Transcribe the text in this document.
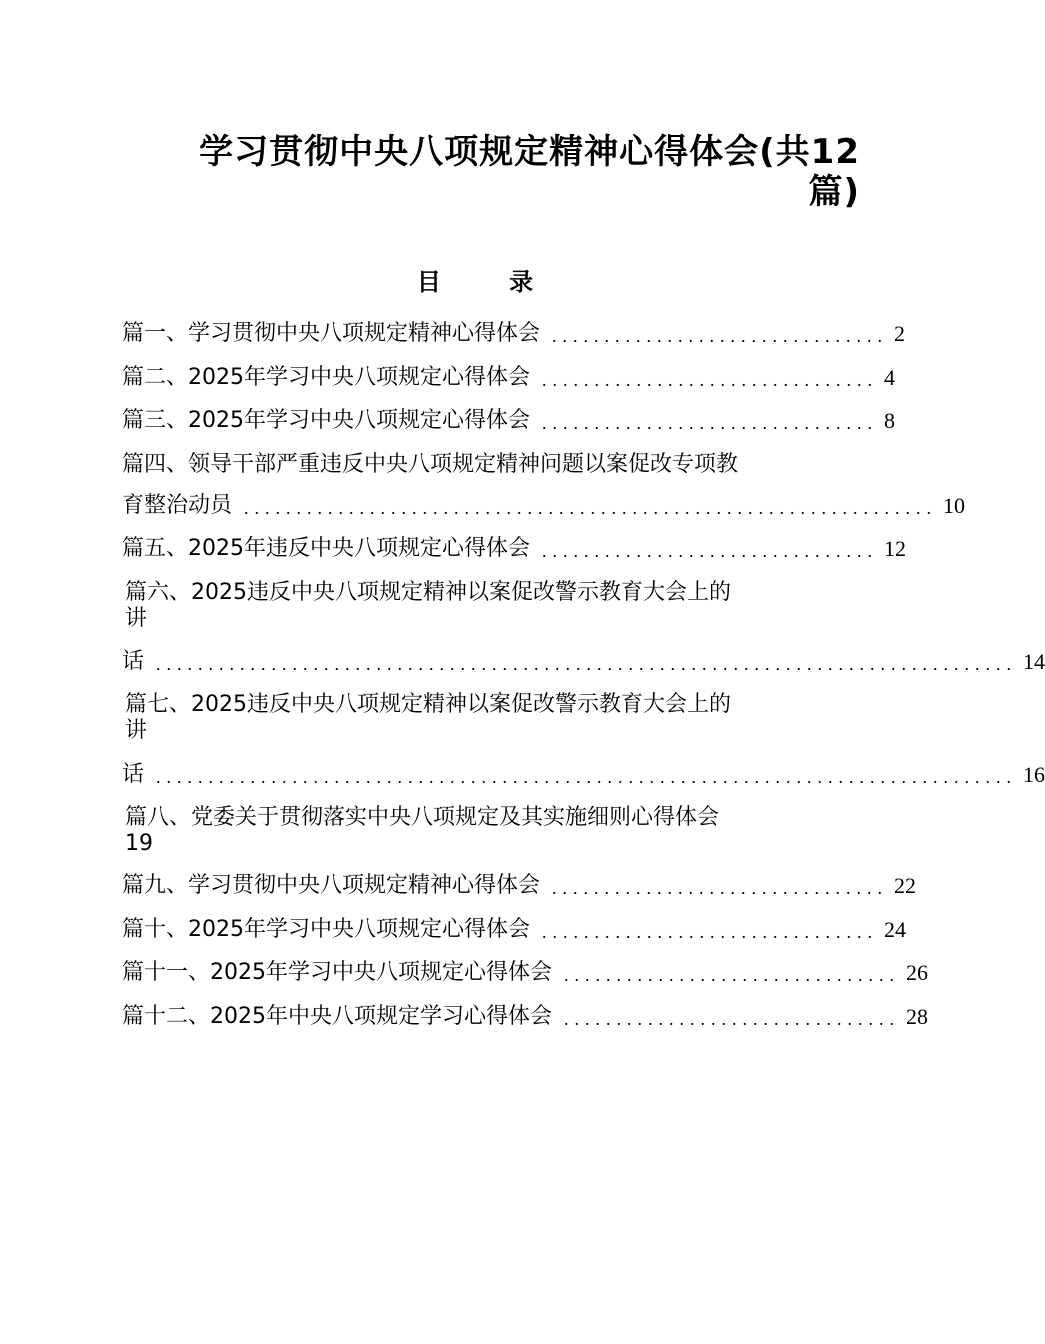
学习贯彻中央八项规定精神心得体会(共12
篇)
目 录
篇一、学习贯彻中央八项规定精神心得体会 ................................ 2
篇二、2025年学习中央八项规定心得体会 ................................ 4
篇三、2025年学习中央八项规定心得体会 ................................ 8
篇四、领导干部严重违反中央八项规定精神问题以案促改专项教
育整治动员 .................................................................. 10
篇五、2025年违反中央八项规定心得体会 ................................ 12
篇六、2025违反中央八项规定精神以案促改警示教育大会上的
讲
话 .................................................................................. 14
篇七、2025违反中央八项规定精神以案促改警示教育大会上的
讲
话 .................................................................................. 16
篇八、党委关于贯彻落实中央八项规定及其实施细则心得体会
19
篇九、学习贯彻中央八项规定精神心得体会 ................................ 22
篇十、2025年学习中央八项规定心得体会 ................................ 24
篇十一、2025年学习中央八项规定心得体会 ................................ 26
篇十二、2025年中央八项规定学习心得体会 ................................ 28
